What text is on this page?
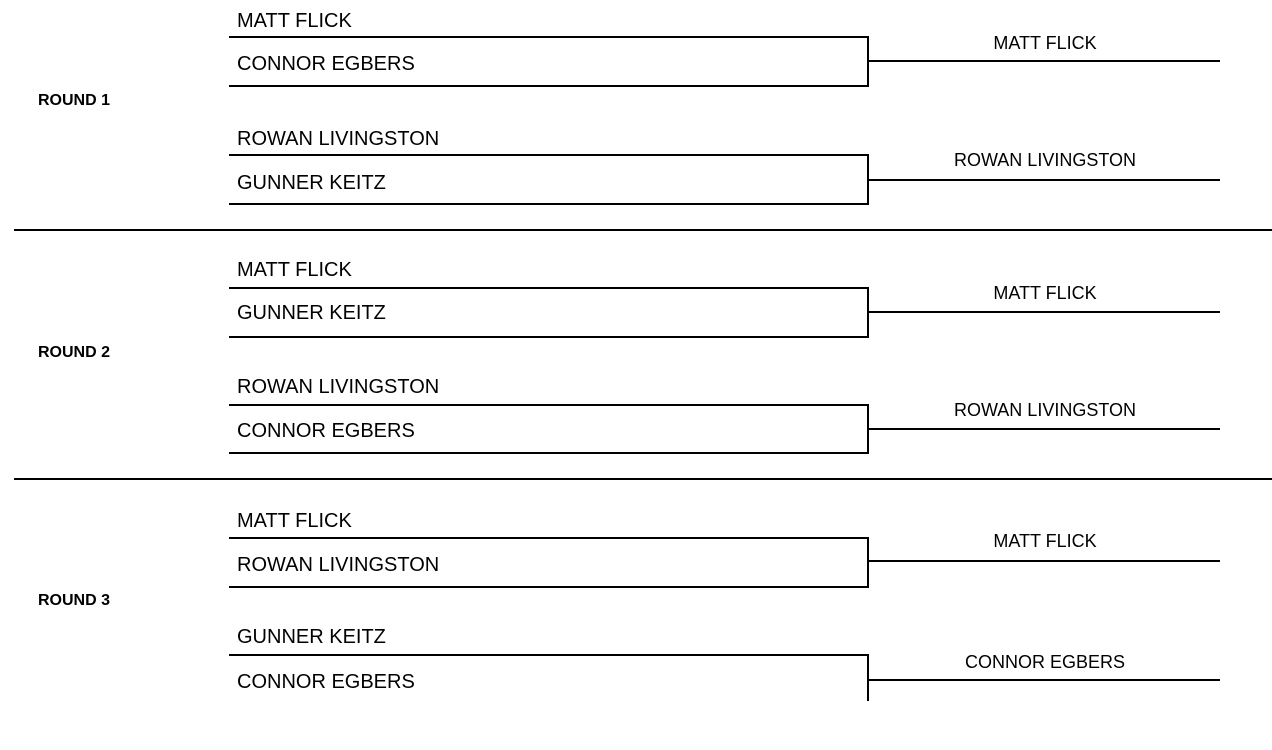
ROUND 1
MATT FLICK
CONNOR EGBERS
MATT FLICK
ROWAN LIVINGSTON
GUNNER KEITZ
ROWAN LIVINGSTON
ROUND 2
MATT FLICK
GUNNER KEITZ
MATT FLICK
ROWAN LIVINGSTON
CONNOR EGBERS
ROWAN LIVINGSTON
ROUND 3
MATT FLICK
ROWAN LIVINGSTON
MATT FLICK
GUNNER KEITZ
CONNOR EGBERS
CONNOR EGBERS
